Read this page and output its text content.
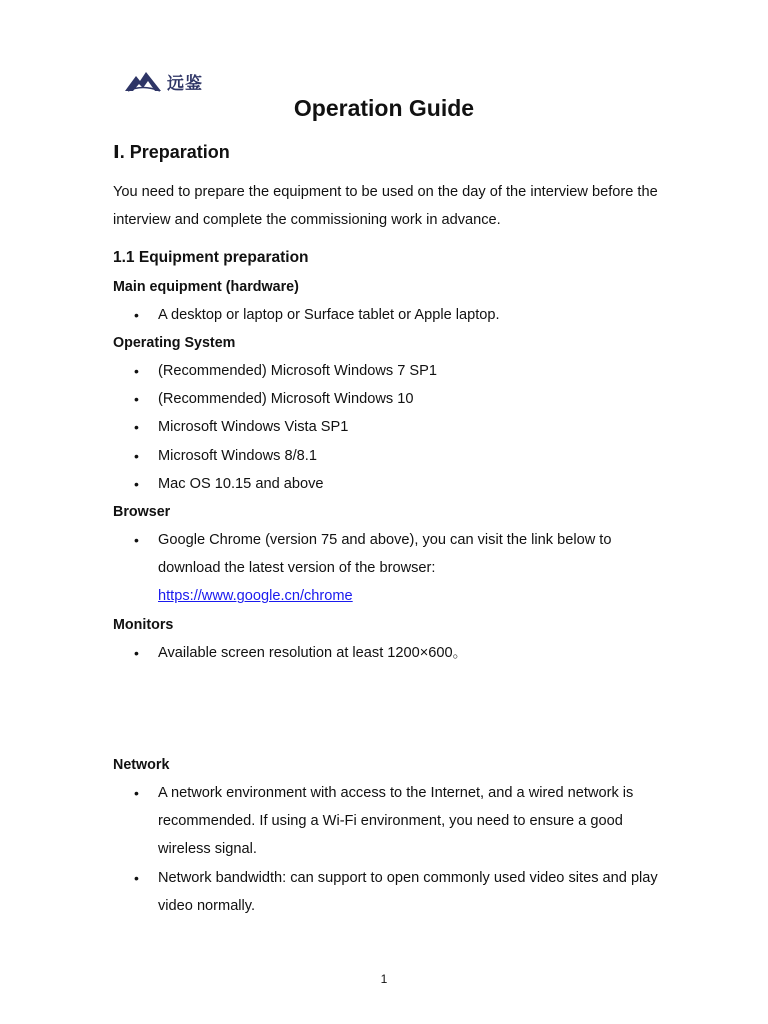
远鉴
Operation Guide
Ⅰ. Preparation
You need to prepare the equipment to be used on the day of the interview before the interview and complete the commissioning work in advance.
1.1 Equipment preparation
Main equipment (hardware)
• A desktop or laptop or Surface tablet or Apple laptop.
Operating System
• (Recommended) Microsoft Windows 7 SP1
• (Recommended) Microsoft Windows 10
• Microsoft Windows Vista SP1
• Microsoft Windows 8/8.1
• Mac OS 10.15 and above
Browser
• Google Chrome (version 75 and above), you can visit the link below to download the latest version of the browser:
https://www.google.cn/chrome
Monitors
• Available screen resolution at least 1200×600。
Network
• A network environment with access to the Internet, and a wired network is recommended. If using a Wi-Fi environment, you need to ensure a good wireless signal.
• Network bandwidth: can support to open commonly used video sites and play video normally.
1
